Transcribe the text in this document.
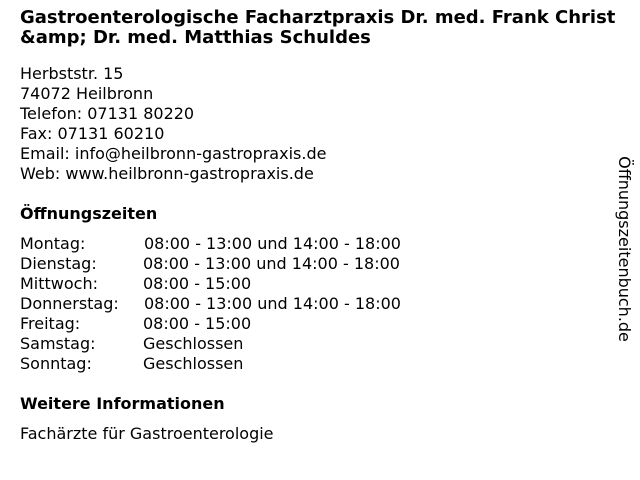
Gastroenterologische Facharztpraxis Dr. med. Frank Christ &amp; Dr. med. Matthias Schuldes
Herbststr. 15
74072 Heilbronn
Telefon: 07131 80220
Fax: 07131 60210
Email: info@heilbronn-gastropraxis.de
Web: www.heilbronn-gastropraxis.de
Öffnungszeiten
Montag:	08:00 - 13:00 und 14:00 - 18:00
Dienstag:	08:00 - 13:00 und 14:00 - 18:00
Mittwoch:	08:00 - 15:00
Donnerstag: 08:00 - 13:00 und 14:00 - 18:00
Freitag:	08:00 - 15:00
Samstag:	Geschlossen
Sonntag:	Geschlossen
Weitere Informationen
Fachärzte für Gastroenterologie
Öffnungszeitenbuch.de
